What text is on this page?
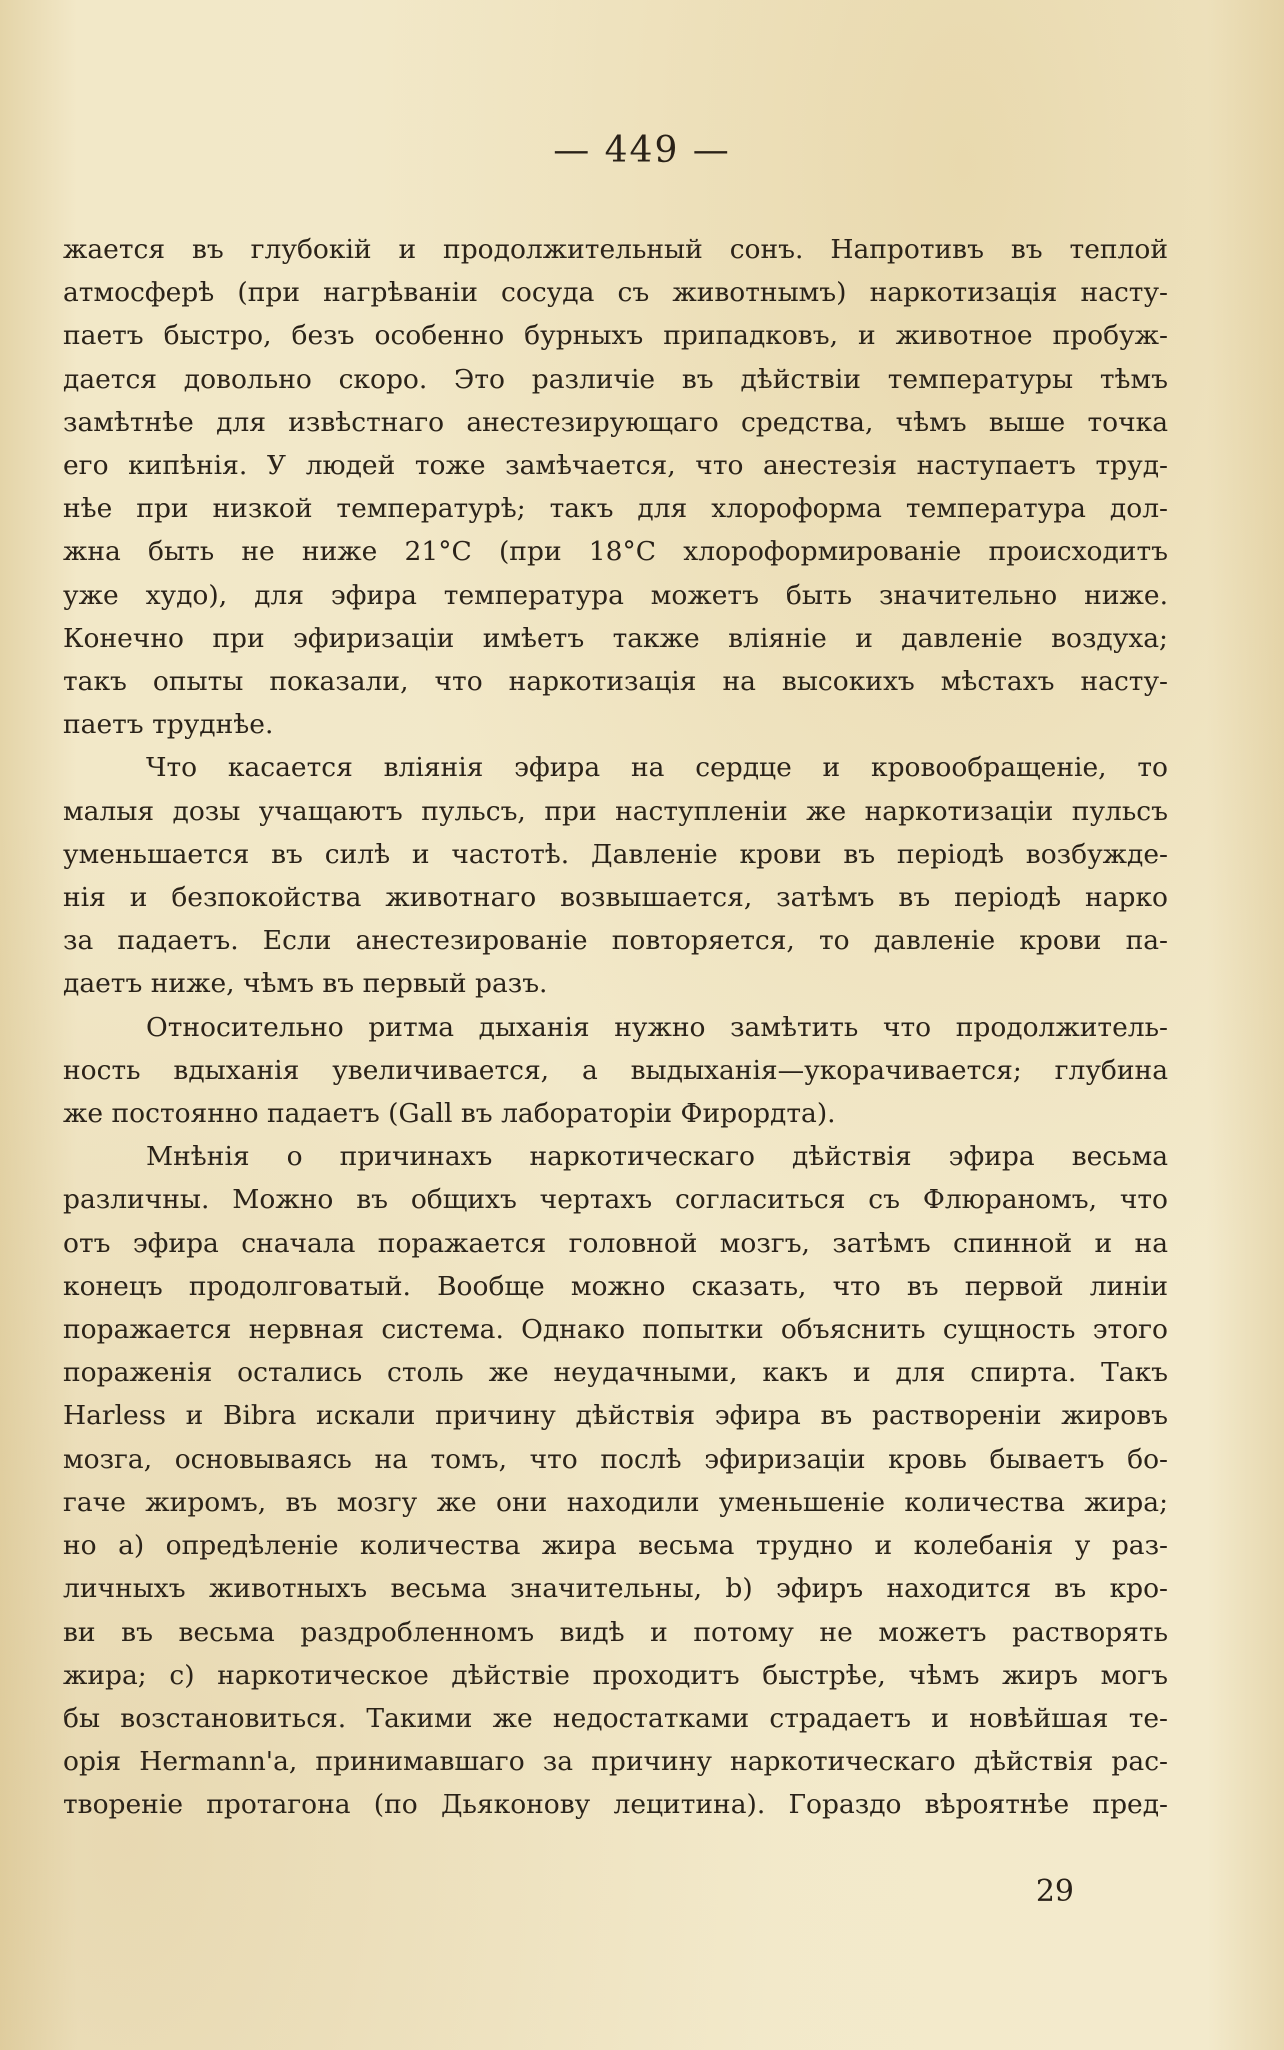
— 449 —
жается въ глубокій и продолжительный сонъ. Напротивъ въ теплой
атмосферѣ (при нагрѣваніи сосуда съ животнымъ) наркотизація насту-
паетъ быстро, безъ особенно бурныхъ припадковъ, и животное пробуж-
дается довольно скоро. Это различіе въ дѣйствіи температуры тѣмъ
замѣтнѣе для извѣстнаго анестезирующаго средства, чѣмъ выше точка
его кипѣнія. У людей тоже замѣчается, что анестезія наступаетъ труд-
нѣе при низкой температурѣ; такъ для хлороформа температура дол-
жна быть не ниже 21°C (при 18°C хлороформированіе происходитъ
уже худо), для эфира температура можетъ быть значительно ниже.
Конечно при эфиризаціи имѣетъ также вліяніе и давленіе воздуха;
такъ опыты показали, что наркотизація на высокихъ мѣстахъ насту-
паетъ труднѣе.
Что касается вліянія эфира на сердце и кровообращеніе, то
малыя дозы учащаютъ пульсъ, при наступленіи же наркотизаціи пульсъ
уменьшается въ силѣ и частотѣ. Давленіе крови въ періодѣ возбужде-
нія и безпокойства животнаго возвышается, затѣмъ въ періодѣ нарко
за падаетъ. Если анестезированіе повторяется, то давленіе крови па-
даетъ ниже, чѣмъ въ первый разъ.
Относительно ритма дыханія нужно замѣтить что продолжитель-
ность вдыханія увеличивается, а выдыханія—укорачивается; глубина
же постоянно падаетъ (Gall въ лабораторіи Фирордта).
Мнѣнія о причинахъ наркотическаго дѣйствія эфира весьма
различны. Можно въ общихъ чертахъ согласиться съ Флюраномъ, что
отъ эфира сначала поражается головной мозгъ, затѣмъ спинной и на
конецъ продолговатый. Вообще можно сказать, что въ первой линіи
поражается нервная система. Однако попытки объяснить сущность этого
пораженія остались столь же неудачными, какъ и для спирта. Такъ
Harless и Bibra искали причину дѣйствія эфира въ раствореніи жировъ
мозга, основываясь на томъ, что послѣ эфиризаціи кровь бываетъ бо-
гаче жиромъ, въ мозгу же они находили уменьшеніе количества жира;
но a) опредѣленіе количества жира весьма трудно и колебанія у раз-
личныхъ животныхъ весьма значительны, b) эфиръ находится въ кро-
ви въ весьма раздробленномъ видѣ и потому не можетъ растворять
жира; c) наркотическое дѣйствіе проходитъ быстрѣе, чѣмъ жиръ могъ
бы возстановиться. Такими же недостатками страдаетъ и новѣйшая те-
орія Hermann'а, принимавшаго за причину наркотическаго дѣйствія рас-
твореніе протагона (по Дьяконову лецитина). Гораздо вѣроятнѣе пред-
29
